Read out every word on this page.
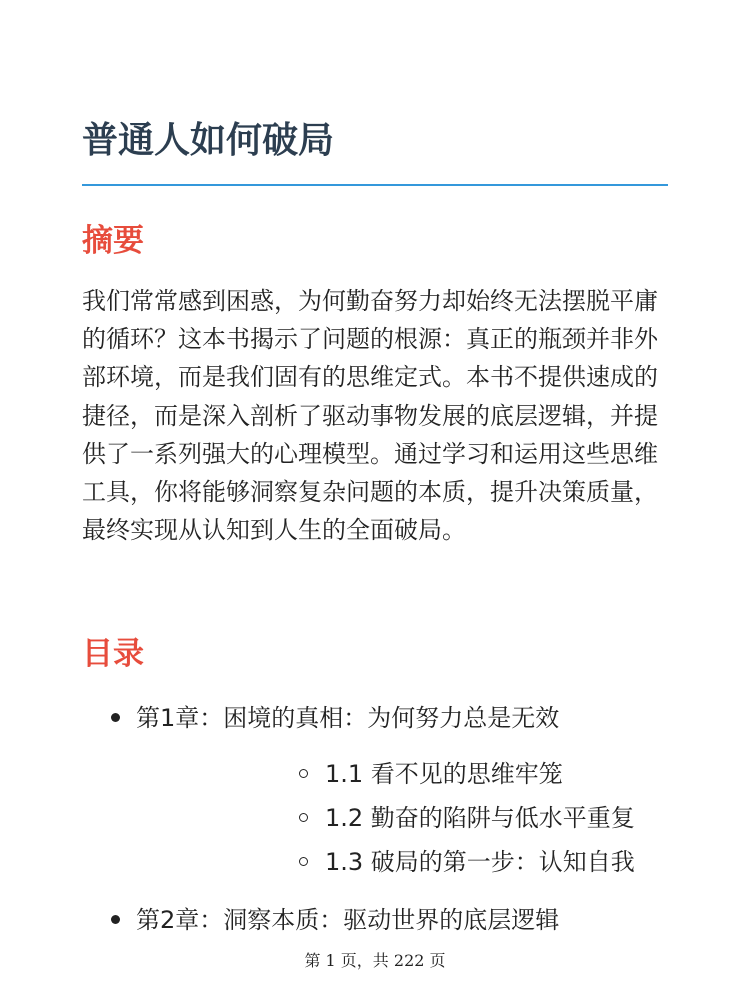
普通人如何破局
摘要

我们常常感到困惑，为何勤奋努力却始终无法摆脱平庸的循环？这本书揭示了问题的根源：真正的瓶颈并非外部环境，而是我们固有的思维定式。本书不提供速成的捷径，而是深入剖析了驱动事物发展的底层逻辑，并提供了一系列强大的心理模型。通过学习和运用这些思维工具，你将能够洞察复杂问题的本质，提升决策质量，最终实现从认知到人生的全面破局。

目录
第1章：困境的真相：为何努力总是无效
1.1 看不见的思维牢笼
1.2 勤奋的陷阱与低水平重复
1.3 破局的第一步：认知自我
第2章：洞察本质：驱动世界的底层逻辑
第 1 页，共 222 页
